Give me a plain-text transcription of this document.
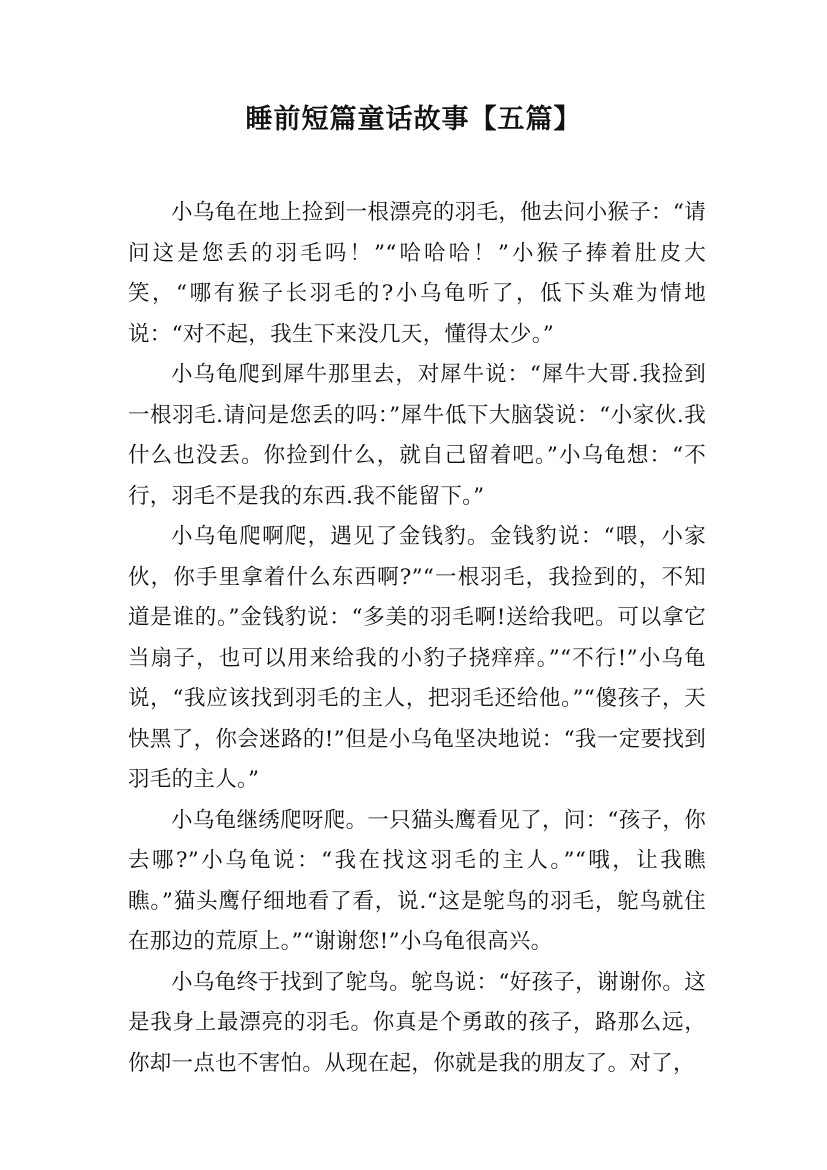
睡前短篇童话故事【五篇】

小乌龟在地上捡到一根漂亮的羽毛，他去问小猴子：“请问这是您丢的羽毛吗！”“哈哈哈！”小猴子捧着肚皮大笑，“哪有猴子长羽毛的?小乌龟听了，低下头难为情地说：“对不起，我生下来没几天，懂得太少。”

小乌龟爬到犀牛那里去，对犀牛说：“犀牛大哥.我捡到一根羽毛.请问是您丢的吗：”犀牛低下大脑袋说：“小家伙.我什么也没丢。你捡到什么，就自己留着吧。”小乌龟想：“不行，羽毛不是我的东西.我不能留下。”

小乌龟爬啊爬，遇见了金钱豹。金钱豹说：“喂，小家伙，你手里拿着什么东西啊?”“一根羽毛，我捡到的，不知道是谁的。”金钱豹说：“多美的羽毛啊!送给我吧。可以拿它当扇子，也可以用来给我的小豹子挠痒痒。”“不行!”小乌龟说，“我应该找到羽毛的主人，把羽毛还给他。”“傻孩子，天快黑了，你会迷路的!”但是小乌龟坚决地说：“我一定要找到羽毛的主人。”

小乌龟继绣爬呀爬。一只猫头鹰看见了，问：“孩子，你去哪?”小乌龟说：“我在找这羽毛的主人。”“哦，让我瞧瞧。”猫头鹰仔细地看了看，说.“这是鸵鸟的羽毛，鸵鸟就住在那边的荒原上。”“谢谢您!”小乌龟很高兴。

小乌龟终于找到了鸵鸟。鸵鸟说：“好孩子，谢谢你。这是我身上最漂亮的羽毛。你真是个勇敢的孩子，路那么远，你却一点也不害怕。从现在起，你就是我的朋友了。对了，
